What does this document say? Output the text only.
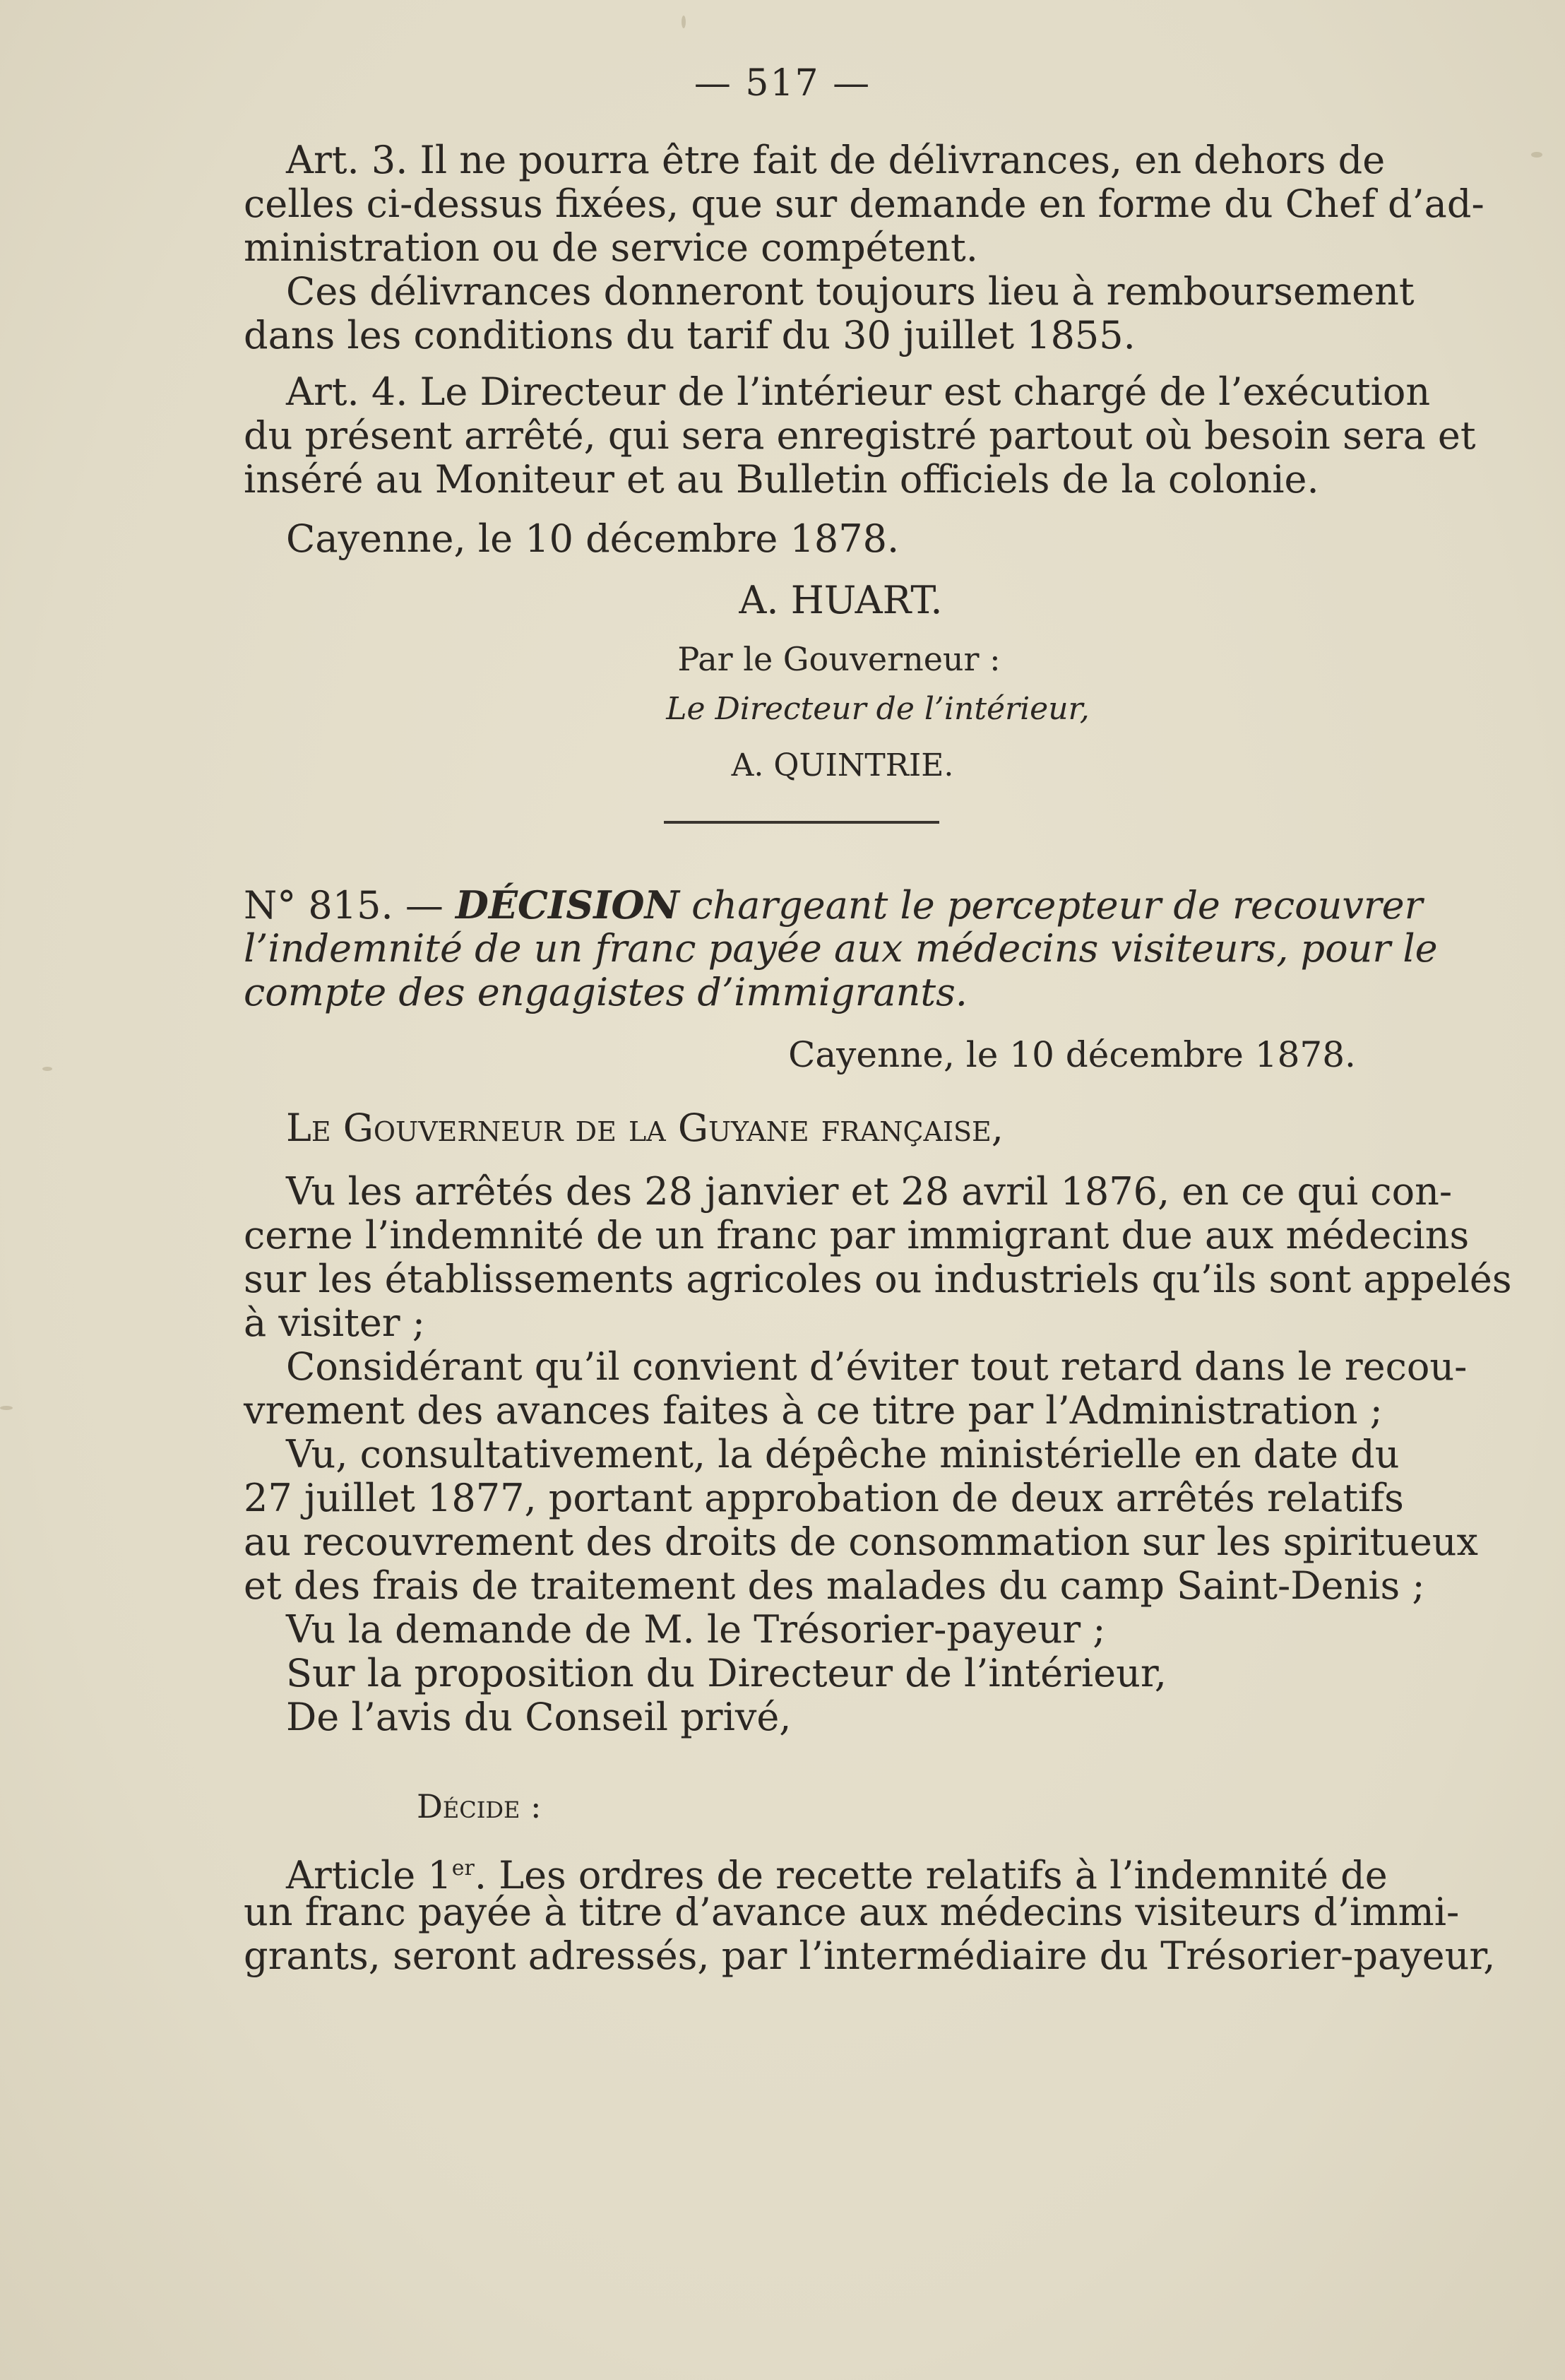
— 517 —
Art. 3. Il ne pourra être fait de délivrances, en dehors de
celles ci-dessus fixées, que sur demande en forme du Chef d’ad-
ministration ou de service compétent.
Ces délivrances donneront toujours lieu à remboursement
dans les conditions du tarif du 30 juillet 1855.
Art. 4. Le Directeur de l’intérieur est chargé de l’exécution
du présent arrêté, qui sera enregistré partout où besoin sera et
inséré au Moniteur et au Bulletin officiels de la colonie.
Cayenne, le 10 décembre 1878.
A. HUART.
Par le Gouverneur :
Le Directeur de l’intérieur,
A. QUINTRIE.
N° 815. — DÉCISION chargeant le percepteur de recouvrer
l’indemnité de un franc payée aux médecins visiteurs, pour le
compte des engagistes d’immigrants.
Cayenne, le 10 décembre 1878.
Le Gouverneur de la Guyane française,
Vu les arrêtés des 28 janvier et 28 avril 1876, en ce qui con-
cerne l’indemnité de un franc par immigrant due aux médecins
sur les établissements agricoles ou industriels qu’ils sont appelés
à visiter ;
Considérant qu’il convient d’éviter tout retard dans le recou-
vrement des avances faites à ce titre par l’Administration ;
Vu, consultativement, la dépêche ministérielle en date du
27 juillet 1877, portant approbation de deux arrêtés relatifs
au recouvrement des droits de consommation sur les spiritueux
et des frais de traitement des malades du camp Saint-Denis ;
Vu la demande de M. le Trésorier-payeur ;
Sur la proposition du Directeur de l’intérieur,
De l’avis du Conseil privé,
Décide :
Article 1er. Les ordres de recette relatifs à l’indemnité de
un franc payée à titre d’avance aux médecins visiteurs d’immi-
grants, seront adressés, par l’intermédiaire du Trésorier-payeur,
